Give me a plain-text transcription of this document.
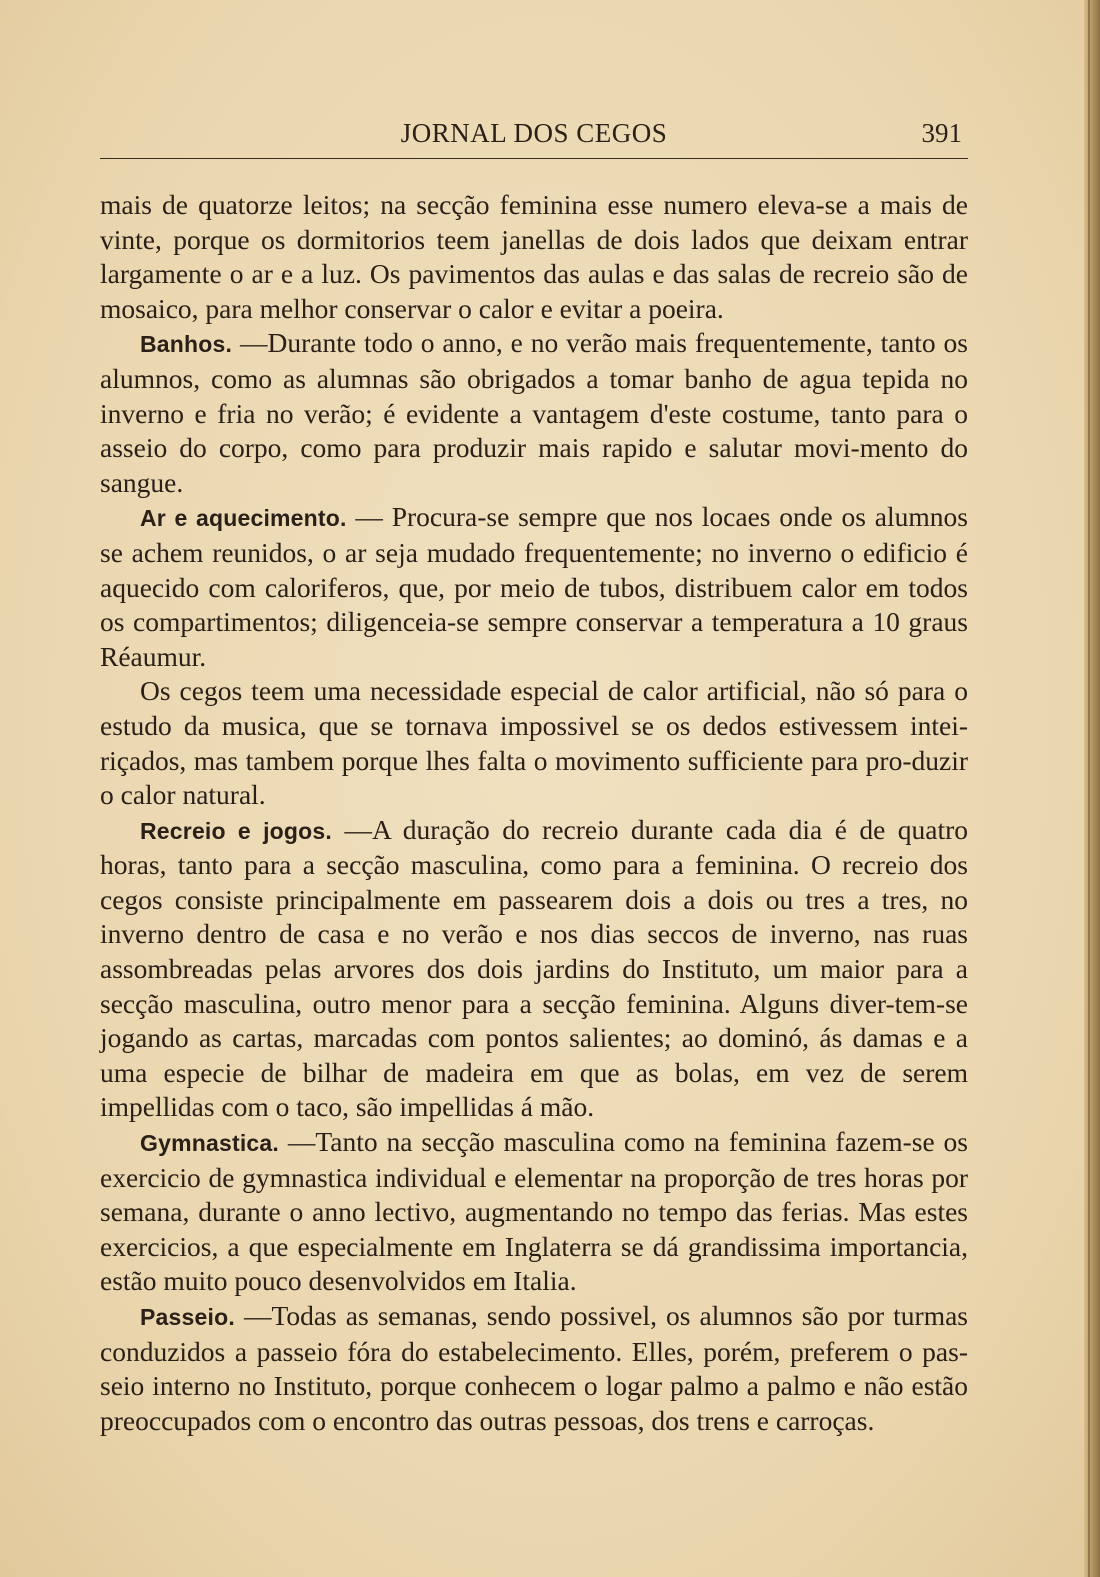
JORNAL DOS CEGOS	391

mais de quatorze leitos; na secção feminina esse numero eleva-se a mais de vinte, porque os dormitorios teem janellas de dois lados que deixam entrar largamente o ar e a luz. Os pavimentos das aulas e das salas de recreio são de mosaico, para melhor conservar o calor e evitar a poeira.

Banhos. —Durante todo o anno, e no verão mais frequentemente, tanto os alumnos, como as alumnas são obrigados a tomar banho de agua tepida no inverno e fria no verão; é evidente a vantagem d'este costume, tanto para o asseio do corpo, como para produzir mais rapido e salutar movi-mento do sangue.

Ar e aquecimento. — Procura-se sempre que nos locaes onde os alumnos se achem reunidos, o ar seja mudado frequentemente; no inverno o edificio é aquecido com caloriferos, que, por meio de tubos, distribuem calor em todos os compartimentos; diligenceia-se sempre conservar a temperatura a 10 graus Réaumur.

Os cegos teem uma necessidade especial de calor artificial, não só para o estudo da musica, que se tornava impossivel se os dedos estivessem intei-riçados, mas tambem porque lhes falta o movimento sufficiente para pro-duzir o calor natural.

Recreio e jogos. —A duração do recreio durante cada dia é de quatro horas, tanto para a secção masculina, como para a feminina. O recreio dos cegos consiste principalmente em passearem dois a dois ou tres a tres, no inverno dentro de casa e no verão e nos dias seccos de inverno, nas ruas assombreadas pelas arvores dos dois jardins do Instituto, um maior para a secção masculina, outro menor para a secção feminina. Alguns diver-tem-se jogando as cartas, marcadas com pontos salientes; ao dominó, ás damas e a uma especie de bilhar de madeira em que as bolas, em vez de serem impellidas com o taco, são impellidas á mão.

Gymnastica. —Tanto na secção masculina como na feminina fazem-se os exercicio de gymnastica individual e elementar na proporção de tres horas por semana, durante o anno lectivo, augmentando no tempo das ferias. Mas estes exercicios, a que especialmente em Inglaterra se dá grandissima importancia, estão muito pouco desenvolvidos em Italia.

Passeio. —Todas as semanas, sendo possivel, os alumnos são por turmas conduzidos a passeio fóra do estabelecimento. Elles, porém, preferem o pas-seio interno no Instituto, porque conhecem o logar palmo a palmo e não estão preoccupados com o encontro das outras pessoas, dos trens e carroças.
